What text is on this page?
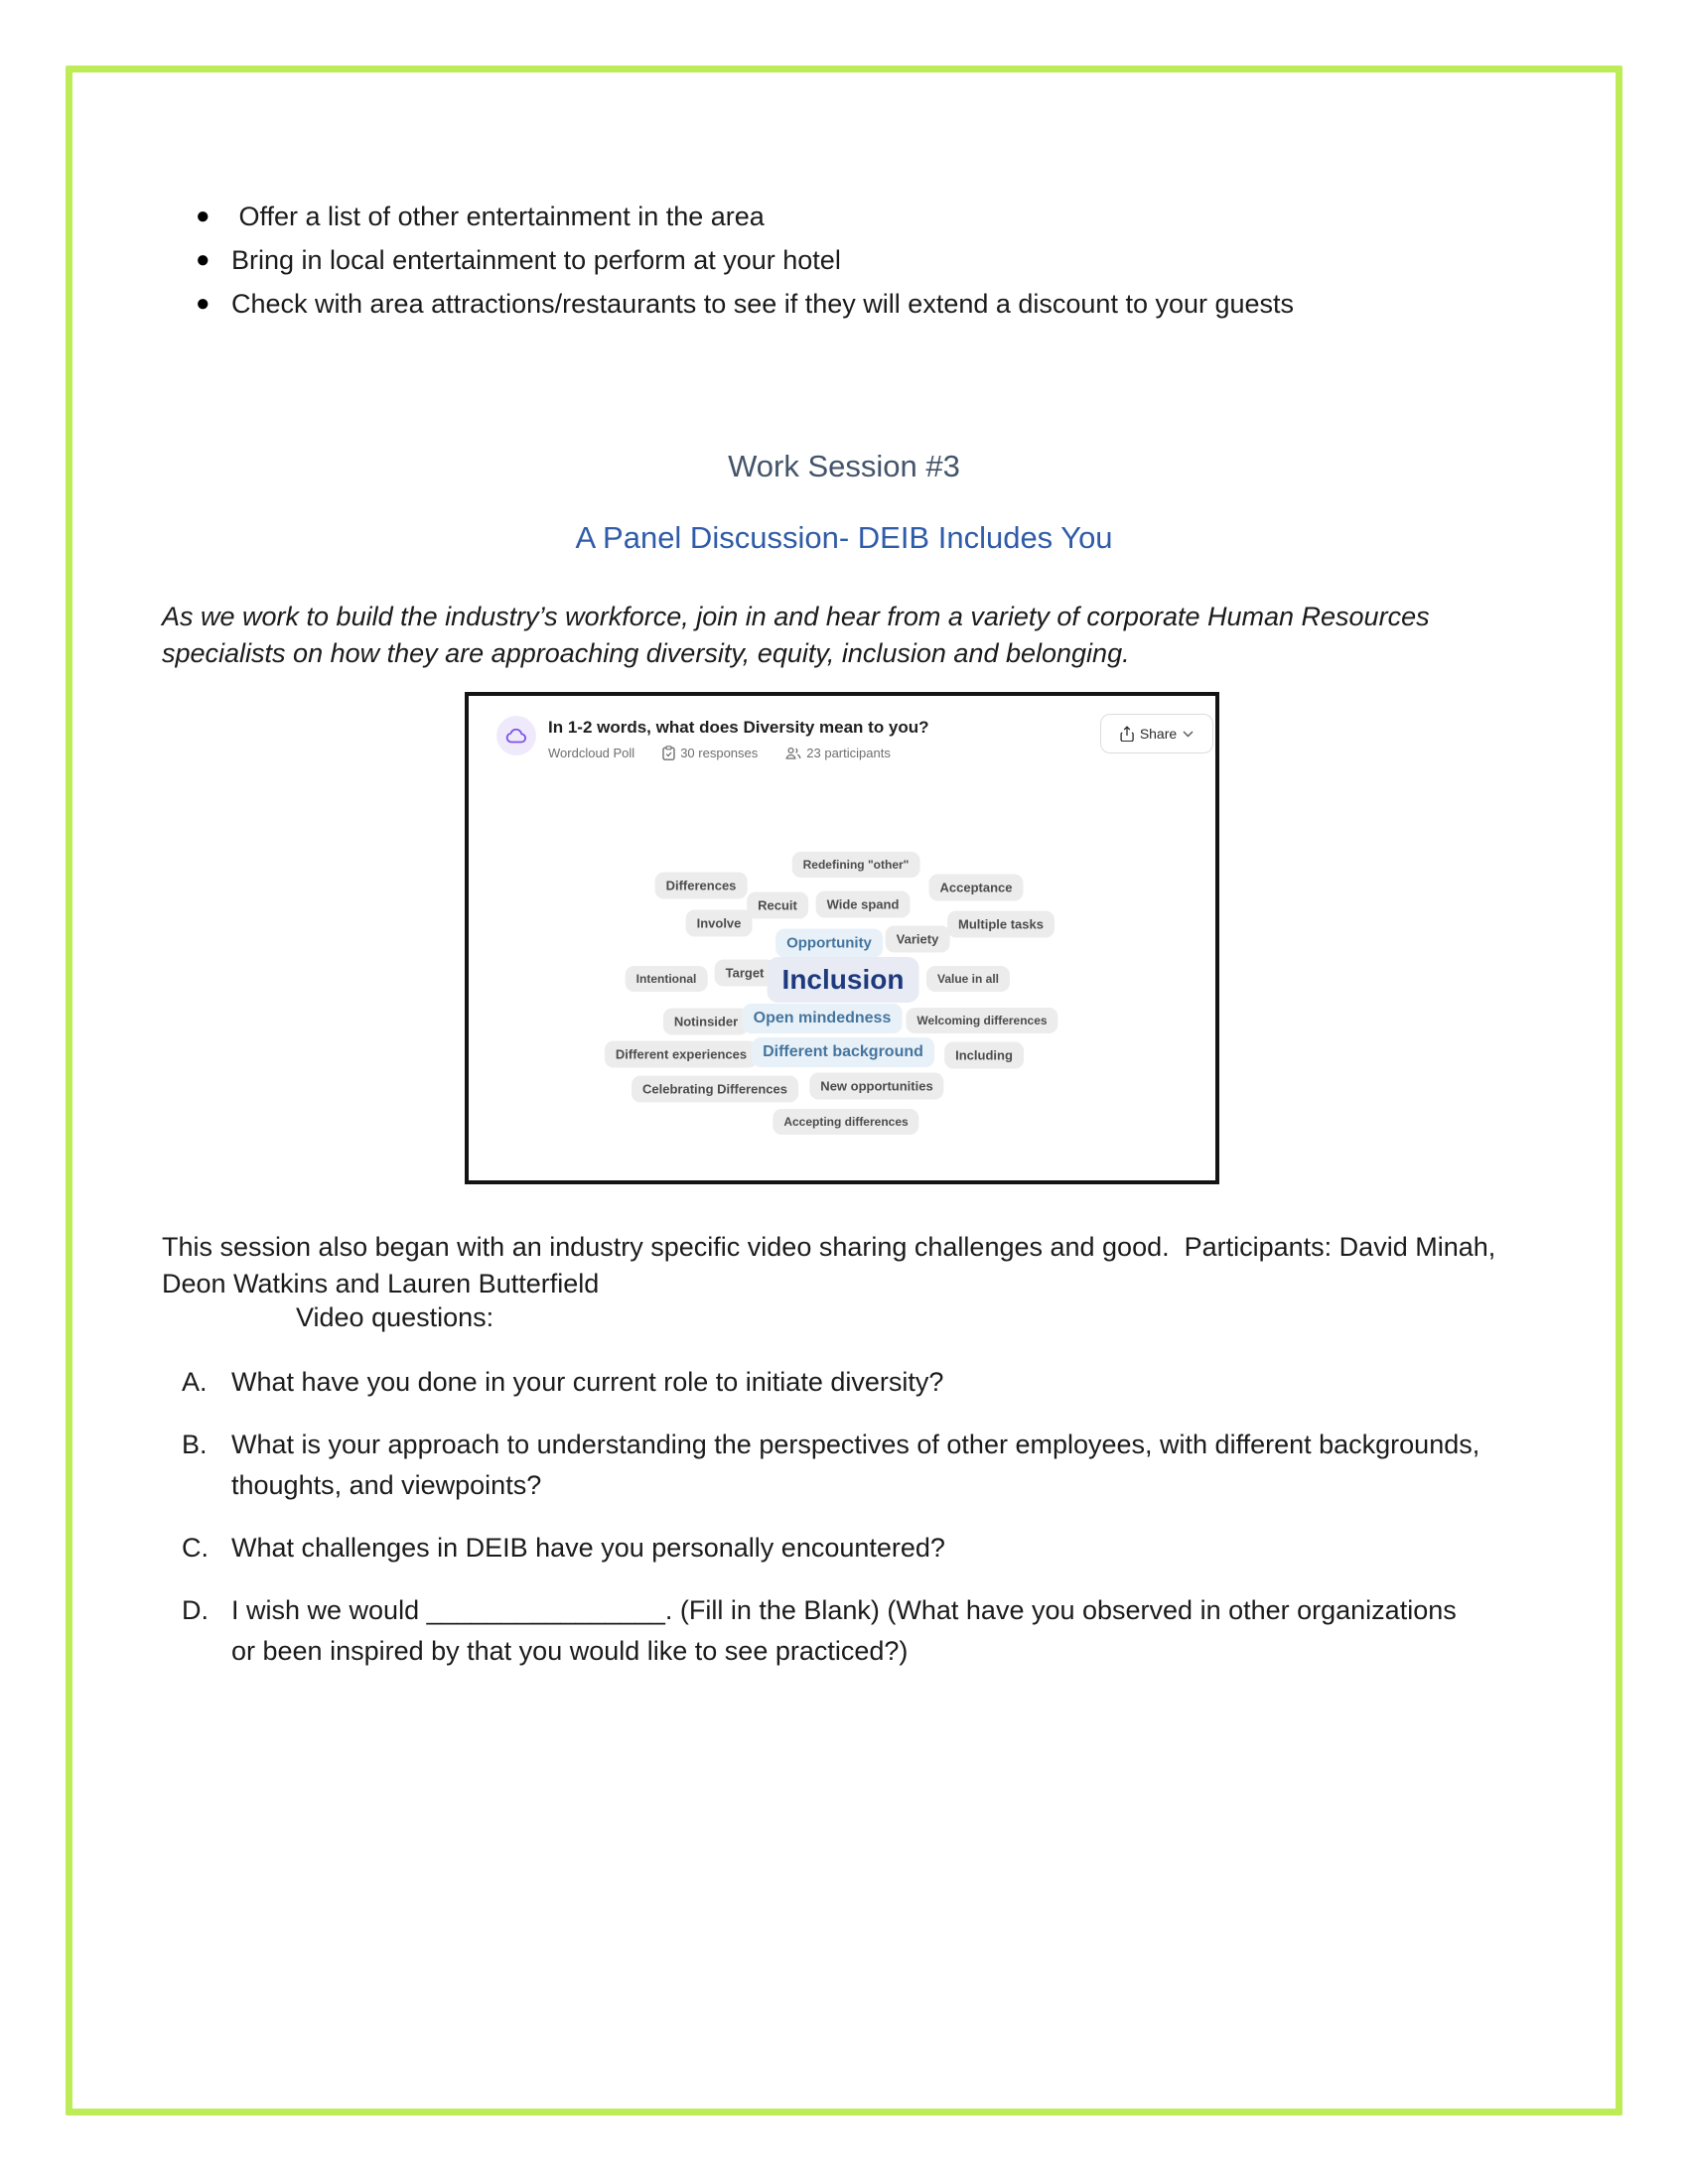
● Offer a list of other entertainment in the area
● Bring in local entertainment to perform at your hotel
● Check with area attractions/restaurants to see if they will extend a discount to your guests
Work Session #3
A Panel Discussion- DEIB Includes You
As we work to build the industry’s workforce, join in and hear from a variety of corporate Human Resources specialists on how they are approaching diversity, equity, inclusion and belonging.
In 1-2 words, what does Diversity mean to you?
Wordcloud Poll	30 responses	23 participants
Share
Redefining "other"
Differences	Acceptance
Recuit	Wide spand
Multiple tasks
Involve
Opportunity	Variety
Intentional	Target Inclusion	Value in all
Notinsider Open mindedness	Welcoming differences
Different experiences Different background	Including
Celebrating Differences	New opportunities
Accepting differences
This session also began with an industry specific video sharing challenges and good.  Participants: David Minah, Deon Watkins and Lauren Butterfield
Video questions:
A. What have you done in your current role to initiate diversity?
B. What is your approach to understanding the perspectives of other employees, with different backgrounds, thoughts, and viewpoints?
C. What challenges in DEIB have you personally encountered?
D. I wish we would ________________. (Fill in the Blank) (What have you observed in other organizations or been inspired by that you would like to see practiced?)
